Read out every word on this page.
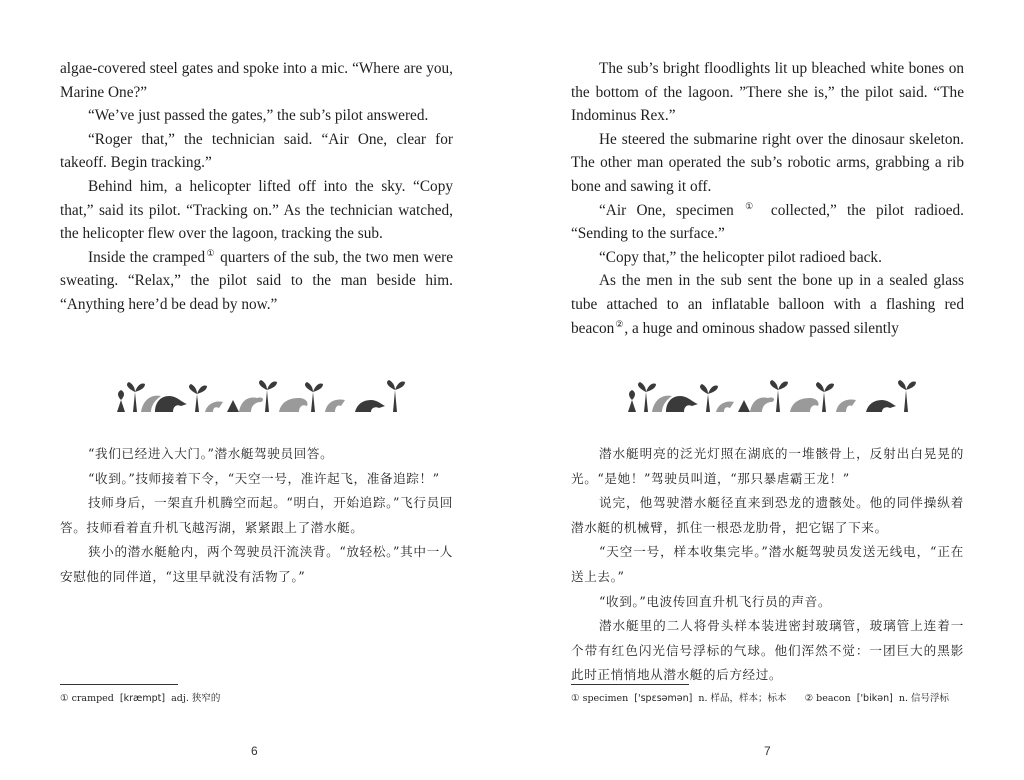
algae-covered steel gates and spoke into a mic. “Where are you, Marine One?”

“We’ve just passed the gates,” the sub’s pilot answered.

“Roger that,” the technician said. “Air One, clear for takeoff. Begin tracking.”

Behind him, a helicopter lifted off into the sky. “Copy that,” said its pilot. “Tracking on.” As the technician watched, the helicopter flew over the lagoon, tracking the sub.

Inside the cramped① quarters of the sub, the two men were sweating. “Relax,” the pilot said to the man beside him. “Anything here’d be dead by now.”

“我们已经进入大门。”潜水艇驾驶员回答。

“收到。”技师接着下令，“天空一号，准许起飞，准备追踪！”

技师身后，一架直升机腾空而起。“明白，开始追踪。”飞行员回答。技师看着直升机飞越泻湖，紧紧跟上了潜水艇。

狭小的潜水艇舱内，两个驾驶员汗流浃背。“放轻松。”其中一人安慰他的同伴道，“这里早就没有活物了。”

① cramped [kræmpt] adj. 狭窄的
6

The sub’s bright floodlights lit up bleached white bones on the bottom of the lagoon. ”There she is,” the pilot said. “The Indominus Rex.”

He steered the submarine right over the dinosaur skeleton. The other man operated the sub’s robotic arms, grabbing a rib bone and sawing it off.

“Air One, specimen ① collected,” the pilot radioed. “Sending to the surface.”

“Copy that,” the helicopter pilot radioed back.

As the men in the sub sent the bone up in a sealed glass tube attached to an inflatable balloon with a flashing red beacon②, a huge and ominous shadow passed silently

潜水艇明亮的泛光灯照在湖底的一堆骸骨上，反射出白晃晃的光。“是她！”驾驶员叫道，“那只暴虐霸王龙！”

说完，他驾驶潜水艇径直来到恐龙的遗骸处。他的同伴操纵着潜水艇的机械臂，抓住一根恐龙肋骨，把它锯了下来。

“天空一号，样本收集完毕。”潜水艇驾驶员发送无线电，“正在送上去。”

“收到。”电波传回直升机飞行员的声音。

潜水艇里的二人将骨头样本装进密封玻璃管，玻璃管上连着一个带有红色闪光信号浮标的气球。他们浑然不觉：一团巨大的黑影此时正悄悄地从潜水艇的后方经过。

① specimen ['spɛsəmən] n. 样品，样本；标本 ② beacon ['bikən] n. 信号浮标
7
